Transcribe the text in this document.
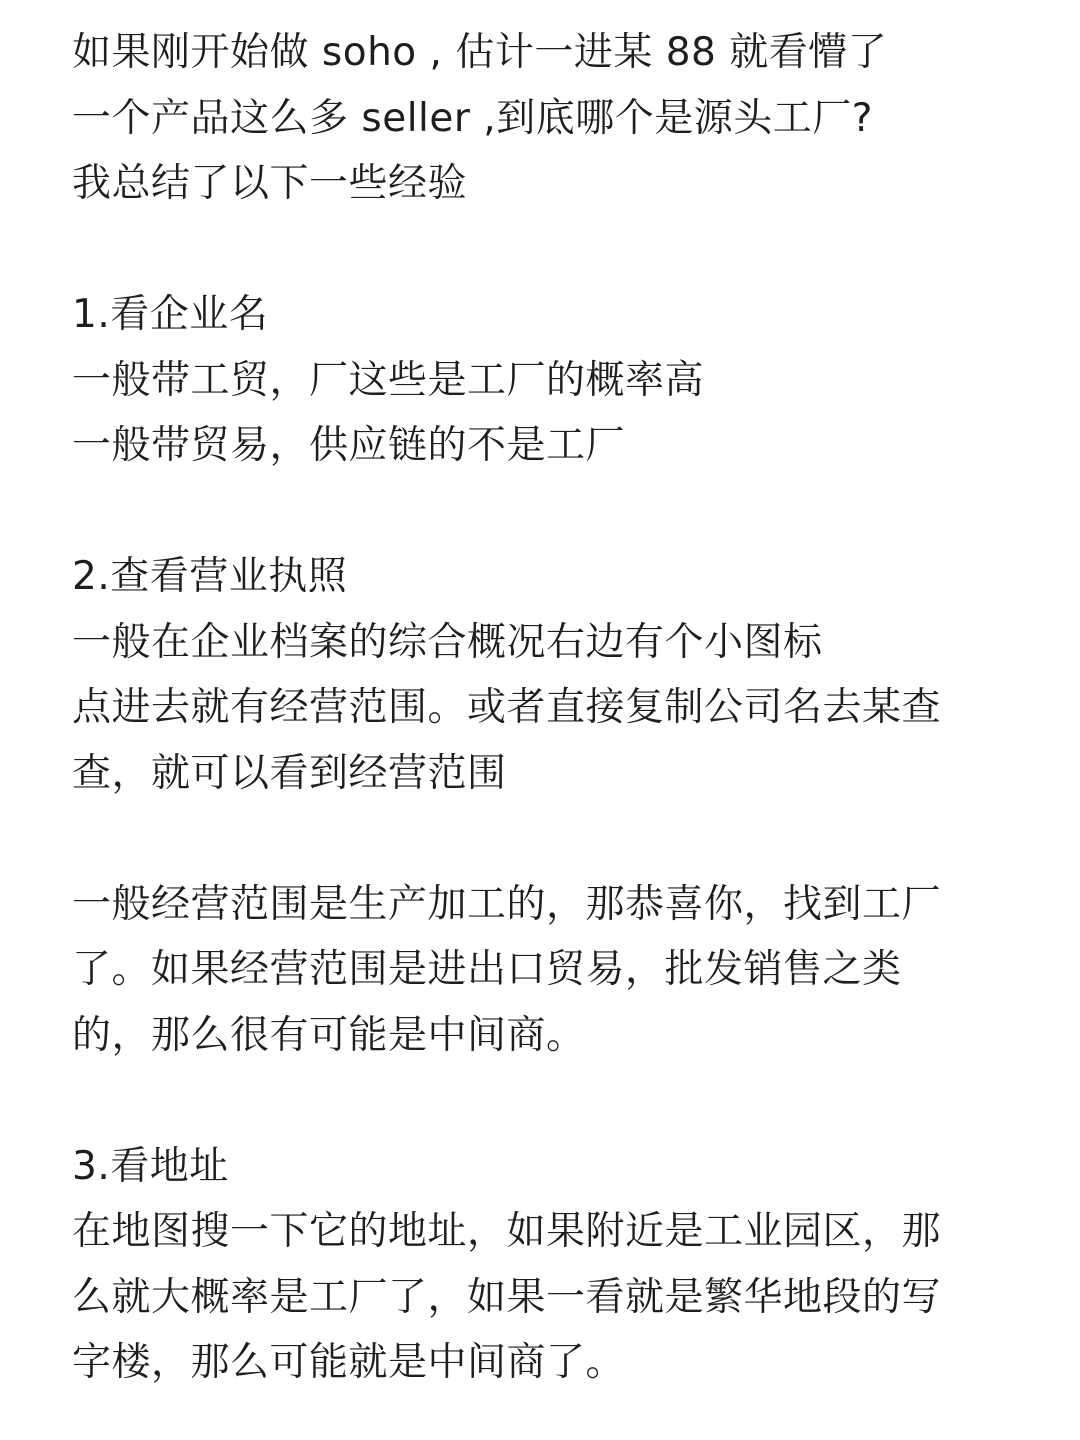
如果刚开始做 soho , 估计一进某 88 就看懵了
一个产品这么多 seller ,到底哪个是源头工厂?
我总结了以下一些经验
1.看企业名
一般带工贸，厂这些是工厂的概率高
一般带贸易，供应链的不是工厂
2.查看营业执照
一般在企业档案的综合概况右边有个小图标
点进去就有经营范围。或者直接复制公司名去某查
查，就可以看到经营范围
一般经营范围是生产加工的，那恭喜你，找到工厂
了。如果经营范围是进出口贸易，批发销售之类
的，那么很有可能是中间商。
3.看地址
在地图搜一下它的地址，如果附近是工业园区，那
么就大概率是工厂了，如果一看就是繁华地段的写
字楼，那么可能就是中间商了。
